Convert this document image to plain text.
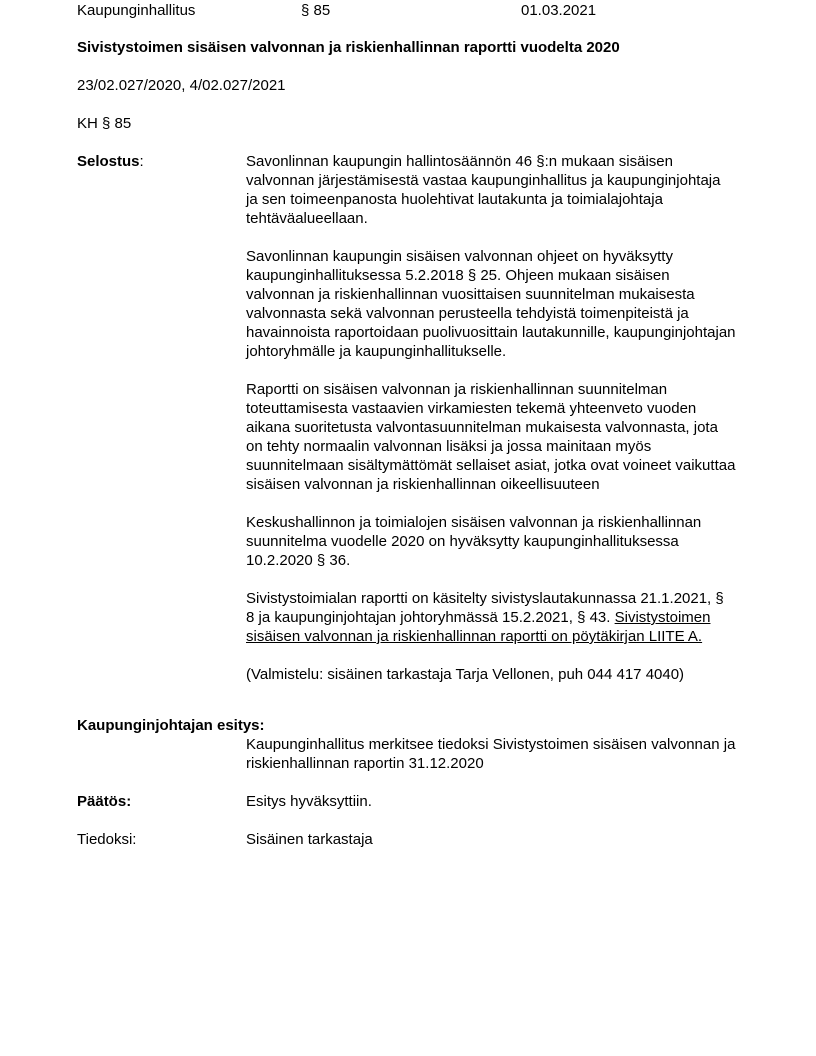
Kaupunginhallitus	§ 85	01.03.2021
Sivistystoimen sisäisen valvonnan ja riskienhallinnan raportti vuodelta 2020
23/02.027/2020, 4/02.027/2021
KH § 85
Selostus:	Savonlinnan kaupungin hallintosäännön 46 §:n mukaan sisäisen valvonnan järjestämisestä vastaa kaupunginhallitus ja kaupunginjohtaja ja sen toimeenpanosta huolehtivat lautakunta ja toimialajohtaja tehtäväalueellaan.

Savonlinnan kaupungin sisäisen valvonnan ohjeet on hyväksytty kaupunginhallituksessa 5.2.2018 § 25. Ohjeen mukaan sisäisen valvonnan ja riskienhallinnan vuosittaisen suunnitelman mukaisesta valvonnasta sekä valvonnan perusteella tehdyistä toimenpiteistä ja havainnoista raportoidaan puolivuosittain lautakunnille, kaupunginjohtajan johtoryhmälle ja kaupunginhallitukselle.

Raportti on sisäisen valvonnan ja riskienhallinnan suunnitelman toteuttamisesta vastaavien virkamiesten tekemä yhteenveto vuoden aikana suoritetusta valvontasuunnitelman mukaisesta valvonnasta, jota on tehty normaalin valvonnan lisäksi ja jossa mainitaan myös suunnitelmaan sisältymättömät sellaiset asiat, jotka ovat voineet vaikuttaa sisäisen valvonnan ja riskienhallinnan oikeellisuuteen

Keskushallinnon ja toimialojen sisäisen valvonnan ja riskienhallinnan suunnitelma vuodelle 2020 on hyväksytty kaupunginhallituksessa 10.2.2020 § 36.

Sivistystoimialan raportti on käsitelty sivistyslautakunnassa 21.1.2021, § 8 ja kaupunginjohtajan johtoryhmässä 15.2.2021, § 43. Sivistystoimen sisäisen valvonnan ja riskienhallinnan raportti on pöytäkirjan LIITE A.

(Valmistelu: sisäinen tarkastaja Tarja Vellonen, puh 044 417 4040)

Kaupunginjohtajan esitys:

Kaupunginhallitus merkitsee tiedoksi Sivistystoimen sisäisen valvonnan ja riskienhallinnan raportin 31.12.2020

Päätös:	Esitys hyväksyttiin.

Tiedoksi:	Sisäinen tarkastaja
